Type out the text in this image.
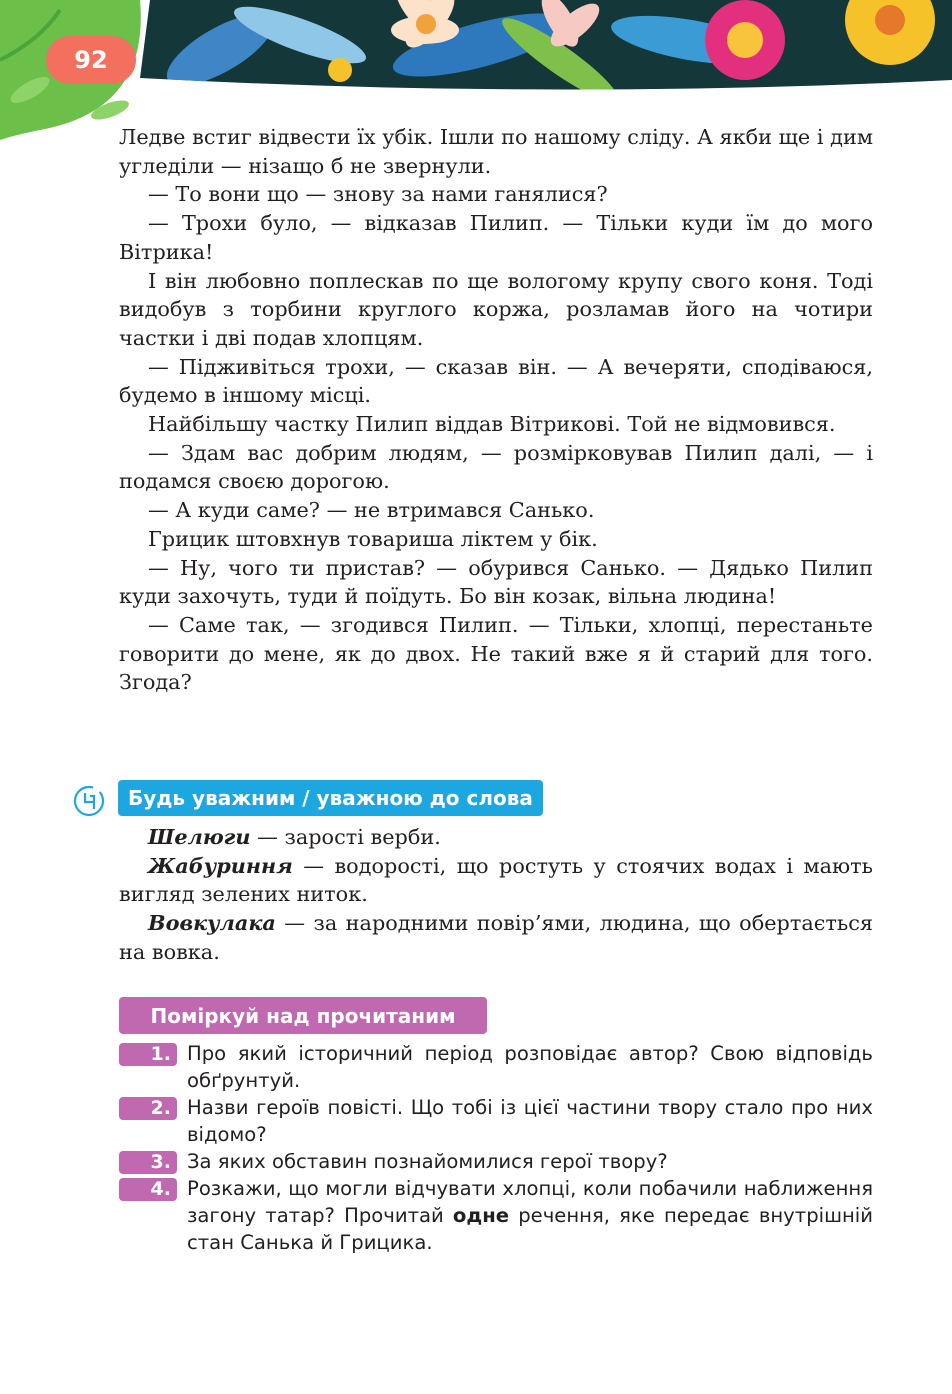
92

Ледве встиг відвести їх убік. Ішли по нашому сліду. А якби ще і дим угледіли — нізащо б не звернули.

— То вони що — знову за нами ганялися?

— Трохи було, — відказав Пилип. — Тільки куди їм до мого Вітрика!

І він любовно поплескав по ще вологому крупу свого коня. Тоді видобув з торбини круглого коржа, розламав його на чотири частки і дві подав хлопцям.

— Підживіться трохи, — сказав він. — А вечеряти, сподіваюся, будемо в іншому місці.

Найбільшу частку Пилип віддав Вітрикові. Той не відмовився.

— Здам вас добрим людям, — розмірковував Пилип далі, — і подамся своєю дорогою.

— А куди саме? — не втримався Санько.

Грицик штовхнув товариша ліктем у бік.

— Ну, чого ти пристав? — обурився Санько. — Дядько Пилип куди захочуть, туди й поїдуть. Бо він козак, вільна людина!

— Саме так, — згодився Пилип. — Тільки, хлопці, перестаньте говорити до мене, як до двох. Не такий вже я й старий для того. Згода?

Будь уважним / уважною до слова

Шелюги — зарості верби.

Жабуриння — водорості, що ростуть у стоячих водах і мають вигляд зелених ниток.

Вовкулака — за народними повір’ями, людина, що обертається на вовка.

Поміркуй над прочитаним
1. Про який історичний період розповідає автор? Свою відповідь обґрунтуй.
2. Назви героїв повісті. Що тобі із цієї частини твору стало про них відомо?
3. За яких обставин познайомилися герої твору?
4. Розкажи, що могли відчувати хлопці, коли побачили наближення загону татар? Прочитай одне речення, яке передає внутрішній стан Санька й Грицика.
